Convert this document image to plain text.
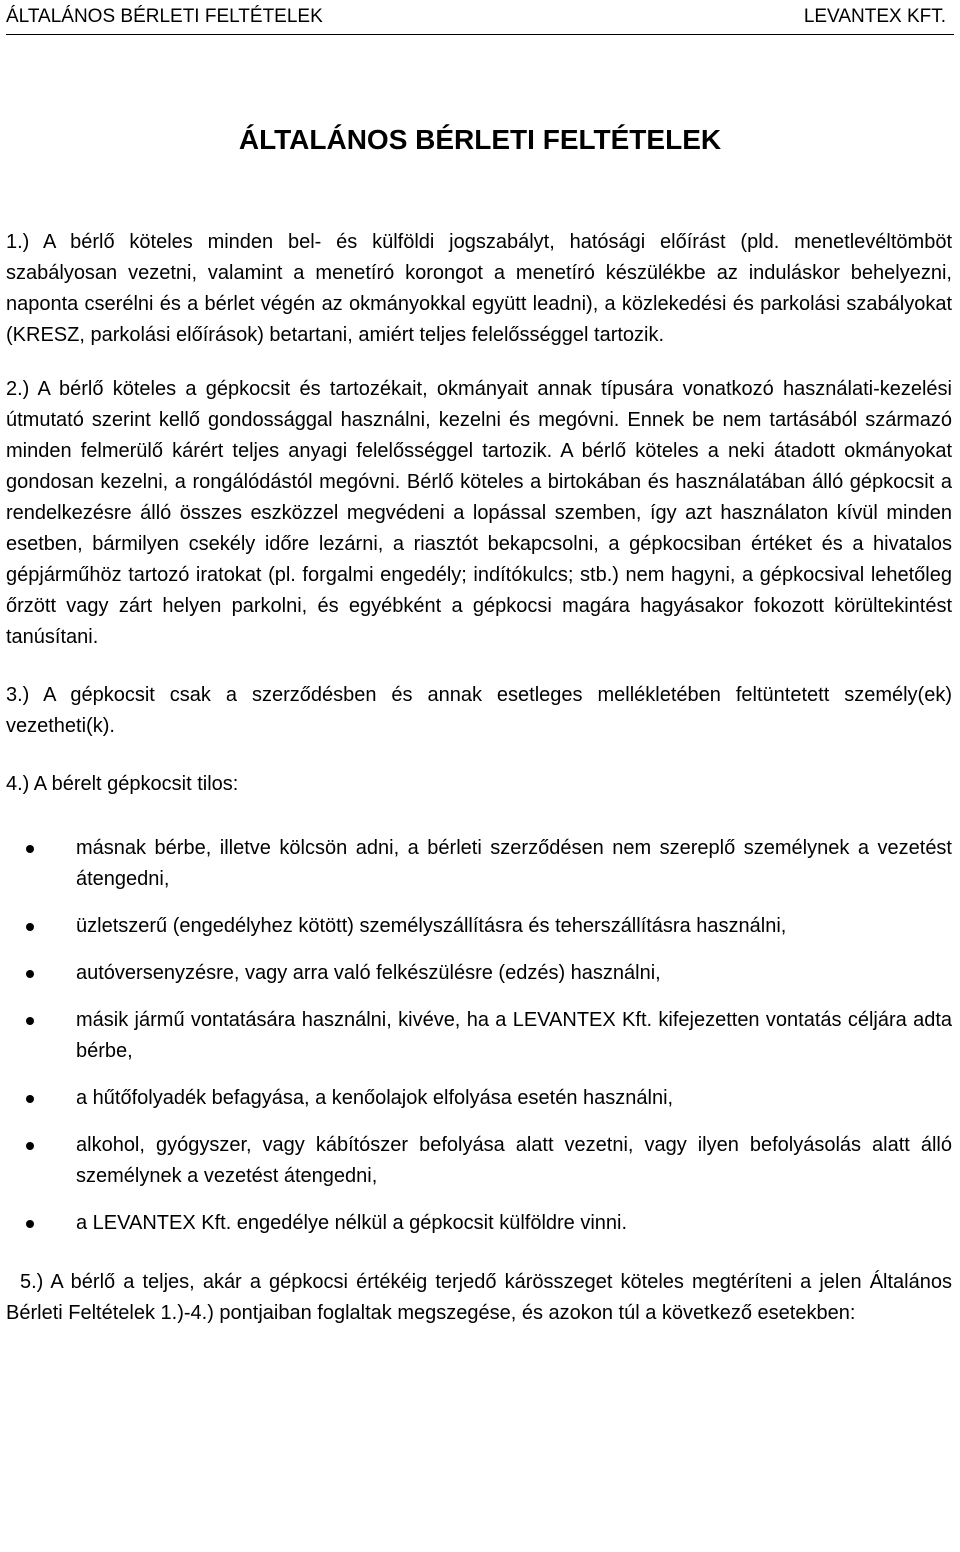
ÁLTALÁNOS BÉRLETI FELTÉTELEK	LEVANTEX KFT.
ÁLTALÁNOS BÉRLETI FELTÉTELEK

1.) A bérlő köteles minden bel- és külföldi jogszabályt, hatósági előírást (pld. menetlevéltömböt szabályosan vezetni, valamint a menetíró korongot a menetíró készülékbe az induláskor behelyezni, naponta cserélni és a bérlet végén az okmányokkal együtt leadni), a közlekedési és parkolási szabályokat (KRESZ, parkolási előírások) betartani, amiért teljes felelősséggel tartozik.

2.) A bérlő köteles a gépkocsit és tartozékait, okmányait annak típusára vonatkozó használati-kezelési útmutató szerint kellő gondossággal használni, kezelni és megóvni. Ennek be nem tartásából származó minden felmerülő kárért teljes anyagi felelősséggel tartozik. A bérlő köteles a neki átadott okmányokat gondosan kezelni, a rongálódástól megóvni. Bérlő köteles a birtokában és használatában álló gépkocsit a rendelkezésre álló összes eszközzel megvédeni a lopással szemben, így azt használaton kívül minden esetben, bármilyen csekély időre lezárni, a riasztót bekapcsolni, a gépkocsiban értéket és a hivatalos gépjárműhöz tartozó iratokat (pl. forgalmi engedély; indítókulcs; stb.) nem hagyni, a gépkocsival lehetőleg őrzött vagy zárt helyen parkolni, és egyébként a gépkocsi magára hagyásakor fokozott körültekintést tanúsítani.

3.) A gépkocsit csak a szerződésben és annak esetleges mellékletében feltüntetett személy(ek) vezetheti(k).

4.) A bérelt gépkocsit tilos:

másnak bérbe, illetve kölcsön adni, a bérleti szerződésen nem szereplő személynek a vezetést átengedni,
üzletszerű (engedélyhez kötött) személyszállításra és teherszállításra használni,
autóversenyzésre, vagy arra való felkészülésre (edzés) használni,
másik jármű vontatására használni, kivéve, ha a LEVANTEX Kft. kifejezetten vontatás céljára adta bérbe,
a hűtőfolyadék befagyása, a kenőolajok elfolyása esetén használni,
alkohol, gyógyszer, vagy kábítószer befolyása alatt vezetni, vagy ilyen befolyásolás alatt álló személynek a vezetést átengedni,
a LEVANTEX Kft. engedélye nélkül a gépkocsit külföldre vinni.

5.) A bérlő a teljes, akár a gépkocsi értékéig terjedő kárösszeget köteles megtéríteni a jelen Általános Bérleti Feltételek 1.)-4.) pontjaiban foglaltak megszegése, és azokon túl a következő esetekben:
